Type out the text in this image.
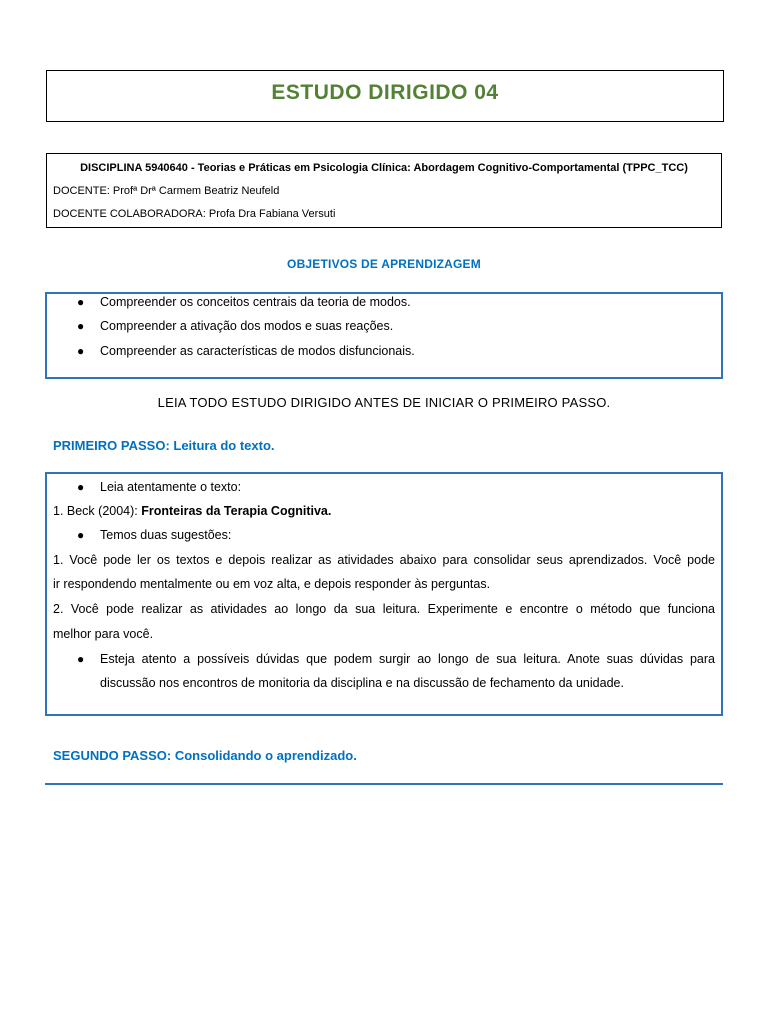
ESTUDO DIRIGIDO 04
DISCIPLINA 5940640 - Teorias e Práticas em Psicologia Clínica: Abordagem Cognitivo-Comportamental (TPPC_TCC)
DOCENTE: Profª Drª Carmem Beatriz Neufeld
DOCENTE COLABORADORA: Profa Dra Fabiana Versuti
OBJETIVOS DE APRENDIZAGEM
● Compreender os conceitos centrais da teoria de modos.
● Compreender a ativação dos modos e suas reações.
● Compreender as características de modos disfuncionais.
LEIA TODO ESTUDO DIRIGIDO ANTES DE INICIAR O PRIMEIRO PASSO.
PRIMEIRO PASSO: Leitura do texto.
● Leia atentamente o texto:
1. Beck (2004): Fronteiras da Terapia Cognitiva.
● Temos duas sugestões:
1. Você pode ler os textos e depois realizar as atividades abaixo para consolidar seus aprendizados. Você pode
ir respondendo mentalmente ou em voz alta, e depois responder às perguntas.
2. Você pode realizar as atividades ao longo da sua leitura. Experimente e encontre o método que funciona
melhor para você.
● Esteja atento a possíveis dúvidas que podem surgir ao longo de sua leitura. Anote suas dúvidas para
discussão nos encontros de monitoria da disciplina e na discussão de fechamento da unidade.
SEGUNDO PASSO: Consolidando o aprendizado.
